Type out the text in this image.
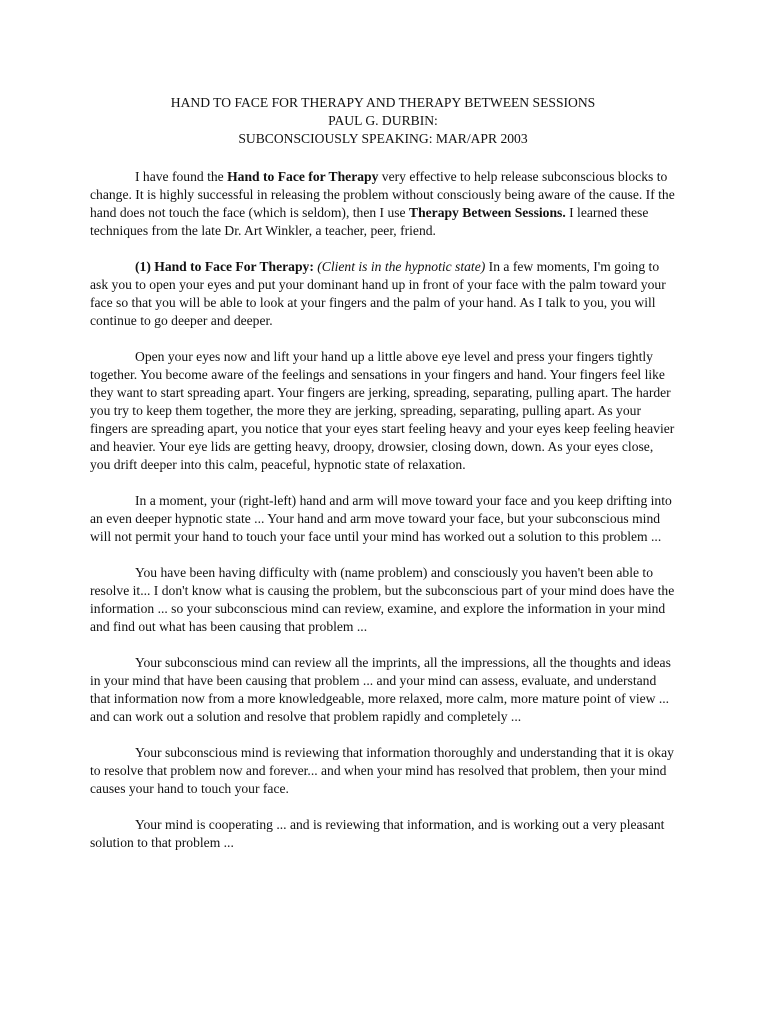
HAND TO FACE FOR THERAPY AND THERAPY BETWEEN SESSIONS
PAUL G. DURBIN:
SUBCONSCIOUSLY SPEAKING: MAR/APR 2003

I have found the Hand to Face for Therapy very effective to help release subconscious blocks to change. It is highly successful in releasing the problem without consciously being aware of the cause. If the hand does not touch the face (which is seldom), then I use Therapy Between Sessions. I learned these techniques from the late Dr. Art Winkler, a teacher, peer, friend.

(1) Hand to Face For Therapy: (Client is in the hypnotic state) In a few moments, I'm going to ask you to open your eyes and put your dominant hand up in front of your face with the palm toward your face so that you will be able to look at your fingers and the palm of your hand. As I talk to you, you will continue to go deeper and deeper.

Open your eyes now and lift your hand up a little above eye level and press your fingers tightly together. You become aware of the feelings and sensations in your fingers and hand. Your fingers feel like they want to start spreading apart. Your fingers are jerking, spreading, separating, pulling apart. The harder you try to keep them together, the more they are jerking, spreading, separating, pulling apart. As your fingers are spreading apart, you notice that your eyes start feeling heavy and your eyes keep feeling heavier and heavier. Your eye lids are getting heavy, droopy, drowsier, closing down, down. As your eyes close, you drift deeper into this calm, peaceful, hypnotic state of relaxation.

In a moment, your (right-left) hand and arm will move toward your face and you keep drifting into an even deeper hypnotic state ... Your hand and arm move toward your face, but your subconscious mind will not permit your hand to touch your face until your mind has worked out a solution to this problem ...

You have been having difficulty with (name problem) and consciously you haven't been able to resolve it... I don't know what is causing the problem, but the subconscious part of your mind does have the information ... so your subconscious mind can review, examine, and explore the information in your mind and find out what has been causing that problem ...

Your subconscious mind can review all the imprints, all the impressions, all the thoughts and ideas in your mind that have been causing that problem ... and your mind can assess, evaluate, and understand that information now from a more knowledgeable, more relaxed, more calm, more mature point of view ... and can work out a solution and resolve that problem rapidly and completely ...

Your subconscious mind is reviewing that information thoroughly and understanding that it is okay to resolve that problem now and forever... and when your mind has resolved that problem, then your mind causes your hand to touch your face.

Your mind is cooperating ... and is reviewing that information, and is working out a very pleasant solution to that problem ...
